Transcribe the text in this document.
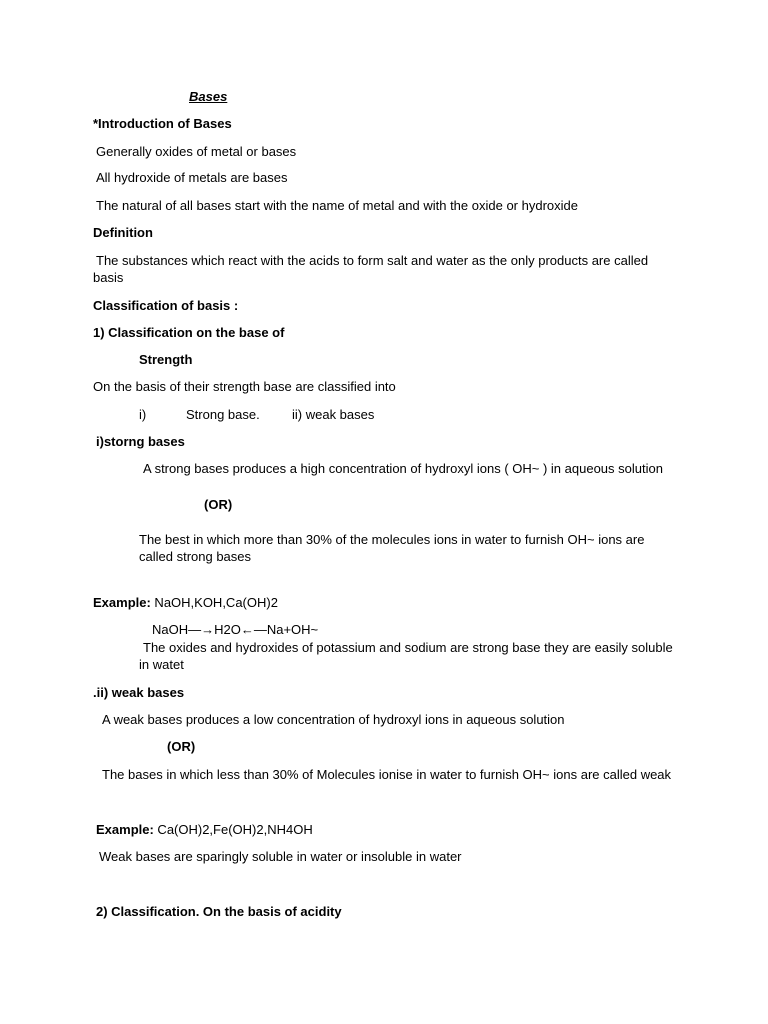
Bases
*Introduction of Bases
Generally oxides of metal or bases
All hydroxide of metals are bases
The natural of all bases start with the name of metal and with the oxide or hydroxide
Definition
The substances which react with the acids to form salt and water as the only products are called
basis
Classification of basis :
1) Classification on the base of
Strength
On the basis of their strength base are classified into
i)	Strong base. ii) weak bases
i)storng bases
A strong bases produces a high concentration of hydroxyl ions ( OH~ ) in aqueous solution
(OR)
The best in which more than 30% of the molecules ions in water to furnish OH~ ions are
called strong bases
Example: NaOH,KOH,Ca(OH)2
NaOH—→H2O←—Na+OH~
The oxides and hydroxides of potassium and sodium are strong base they are easily soluble
in watet
.ii) weak bases
A weak bases produces a low concentration of hydroxyl ions in aqueous solution
(OR)
The bases in which less than 30% of Molecules ionise in water to furnish OH~ ions are called weak
Example: Ca(OH)2,Fe(OH)2,NH4OH
Weak bases are sparingly soluble in water or insoluble in water
2) Classification. On the basis of acidity
